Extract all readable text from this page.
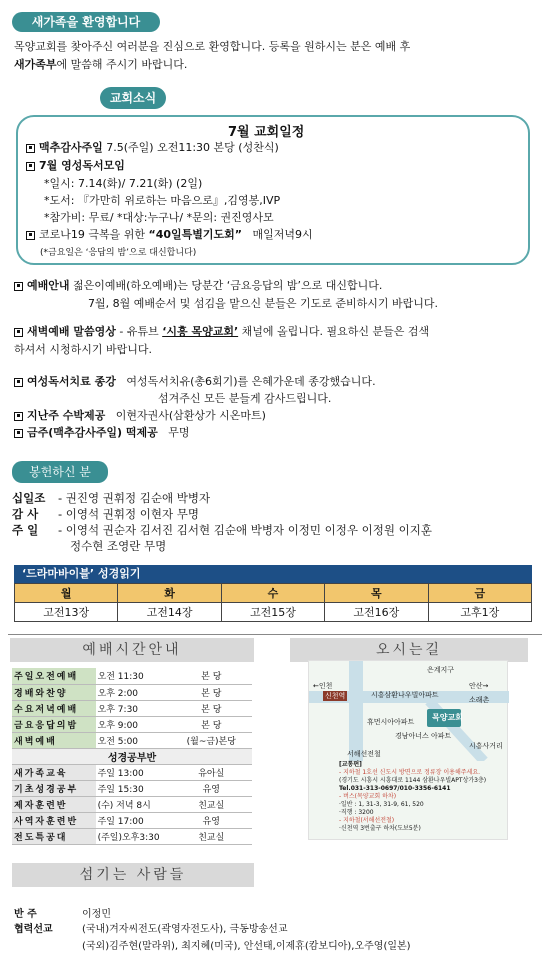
새가족을 환영합니다
목양교회를 찾아주신 여러분을 진심으로 환영합니다. 등록을 원하시는 분은 예배 후
새가족부에 말씀해 주시기 바랍니다.
교회소식
7월 교회일정
맥추감사주일 7.5(주일) 오전11:30 본당 (성찬식)
7월 영성독서모임
*일시: 7.14(화)/ 7.21(화) (2일)
*도서: 『가만히 위로하는 마음으로』,김영봉,IVP
*참가비: 무료/ *대상:누구나/ *문의: 권진영사모
코로나19 극복을 위한 “40일특별기도회” 매일저녁9시
(*금요일은 ‘응답의 밤’으로 대신합니다)
예배안내 젊은이예배(하오예배)는 당분간 ‘금요응답의 밤’으로 대신합니다.
7월, 8월 예배순서 및 섬김을 맡으신 분들은 기도로 준비하시기 바랍니다.
새벽예배 말씀영상 - 유튜브 ‘시흥 목양교회’ 채널에 올립니다. 필요하신 분들은 검색
하셔서 시청하시기 바랍니다.
여성독서치료 종강 여성독서치유(총6회기)를 은혜가운데 종강했습니다.
섬겨주신 모든 분들게 감사드립니다.
지난주 수박제공 이현자권사(삼환상가 시온마트)
금주(맥추감사주일) 떡제공 무명
봉헌하신 분
십일조 - 권진영 권휘정 김순애 박병자
감 사 - 이영석 권휘정 이현자 무명
주 일 - 이영석 권순자 김서진 김서현 김순애 박병자 이정민 이정우 이정원 이지훈
정수현 조영란 무명
‘드라마바이블’ 성경읽기
월	화	수	목	금
고전13장	고전14장	고전15장	고전16장	고후1장
예배시간안내
주일오전예배	오전 11:30	본 당
경배와찬양	오후 2:00	본 당
수요저녁예배	오후 7:30	본 당
금요응답의밤	오후 9:00	본 당
새벽예배	오전 5:00	(월~금)본당
성경공부반		
새가족교육	주일 13:00	유아실
기초성경공부	주일 15:30	유영
제자훈련반	(수) 저녁 8시	친교실
사역자훈련반	주일 17:00	유영
전도특공대	(주일)오후3:30	친교실
오시는길
은계지구
←인천	안산→
신천역	시흥삼환나우빌아파트
소래촌
목양교회
휴먼시아아파트
경남아너스 아파트
서해선전철
시흥사거리
[교통편]
- 지하철 1호선 신도시 방면으로 정류장 이용해주세요.
(경기도 시흥시 시흥대로 1144 삼환나우빌APT상가3층)
Tel.031-313-0697/010-3356-6141
- 버스(목양교회 하차)
·일반 : 1, 31-3, 31-9, 61, 520
·직행 : 3200
- 지하철(서해선전철)
·신천역 3번출구 하차(도보5분)
섬기는 사람들
반 주	이정민
협력선교	(국내)겨자씨전도(곽영자전도사), 극동방송선교
(국외)김주현(말라위), 최지혜(미국), 안선태,이제휴(캄보디아),오주영(일본)
